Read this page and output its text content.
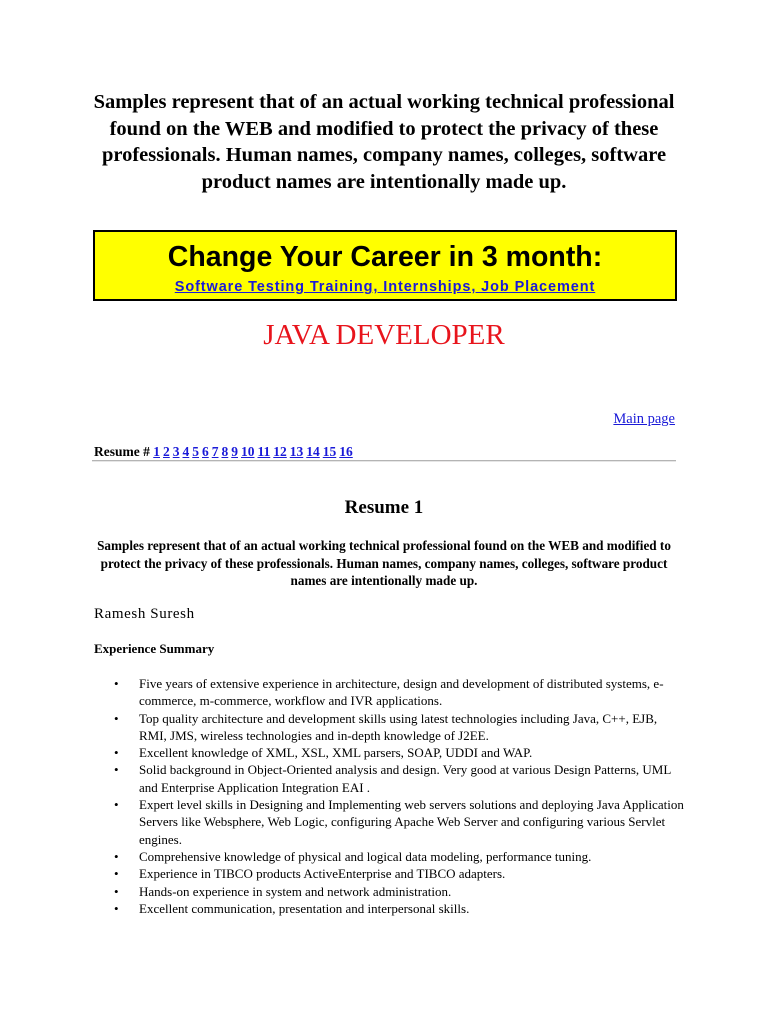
Samples represent that of an actual working technical professional found on the WEB and modified to protect the privacy of these professionals. Human names, company names, colleges, software product names are intentionally made up.
Change Your Career in 3 month:
Software Testing Training, Internships, Job Placement
JAVA DEVELOPER
Main page
Resume # 1 2 3 4 5 6 7 8 9 10 11 12 13 14 15 16
Resume 1
Samples represent that of an actual working technical professional found on the WEB and modified to protect the privacy of these professionals. Human names, company names, colleges, software product names are intentionally made up.
Ramesh Suresh
Experience Summary
• Five years of extensive experience in architecture, design and development of distributed systems, e-commerce, m-commerce, workflow and IVR applications.
• Top quality architecture and development skills using latest technologies including Java, C++, EJB, RMI, JMS, wireless technologies and in-depth knowledge of J2EE.
• Excellent knowledge of XML, XSL, XML parsers, SOAP, UDDI and WAP.
• Solid background in Object-Oriented analysis and design. Very good at various Design Patterns, UML and Enterprise Application Integration EAI .
• Expert level skills in Designing and Implementing web servers solutions and deploying Java Application Servers like Websphere, Web Logic, configuring Apache Web Server and configuring various Servlet engines.
• Comprehensive knowledge of physical and logical data modeling, performance tuning.
• Experience in TIBCO products ActiveEnterprise and TIBCO adapters.
• Hands-on experience in system and network administration.
• Excellent communication, presentation and interpersonal skills.
